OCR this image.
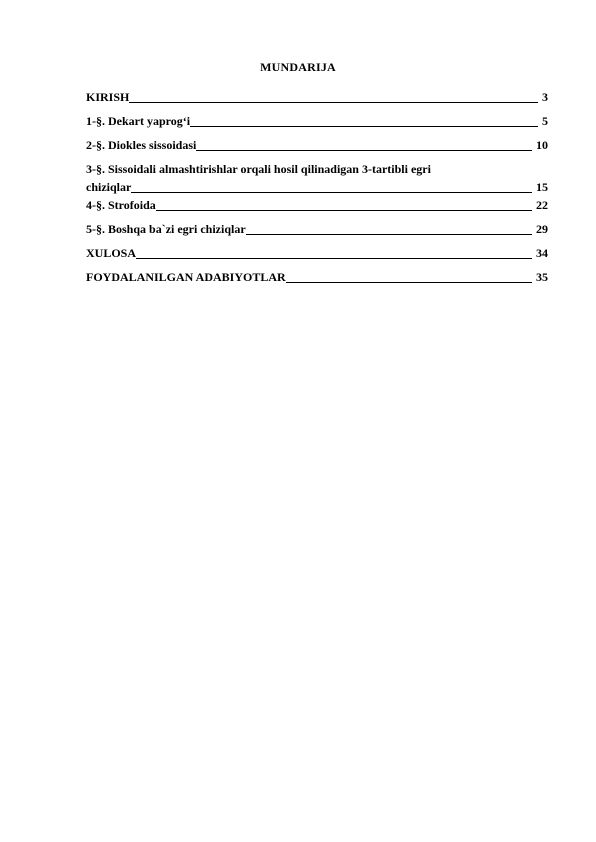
MUNDARIJA
KIRISH	3
1-§. Dekart yaprog‘i	5
2-§. Diokles sissoidasi	10
3-§. Sissoidali almashtirishlar orqali hosil qilinadigan 3-tartibli egri
chiziqlar	15
4-§. Strofoida	22
5-§. Boshqa ba`zi egri chiziqlar	29
XULOSA	34
FOYDALANILGAN ADABIYOTLAR	35
